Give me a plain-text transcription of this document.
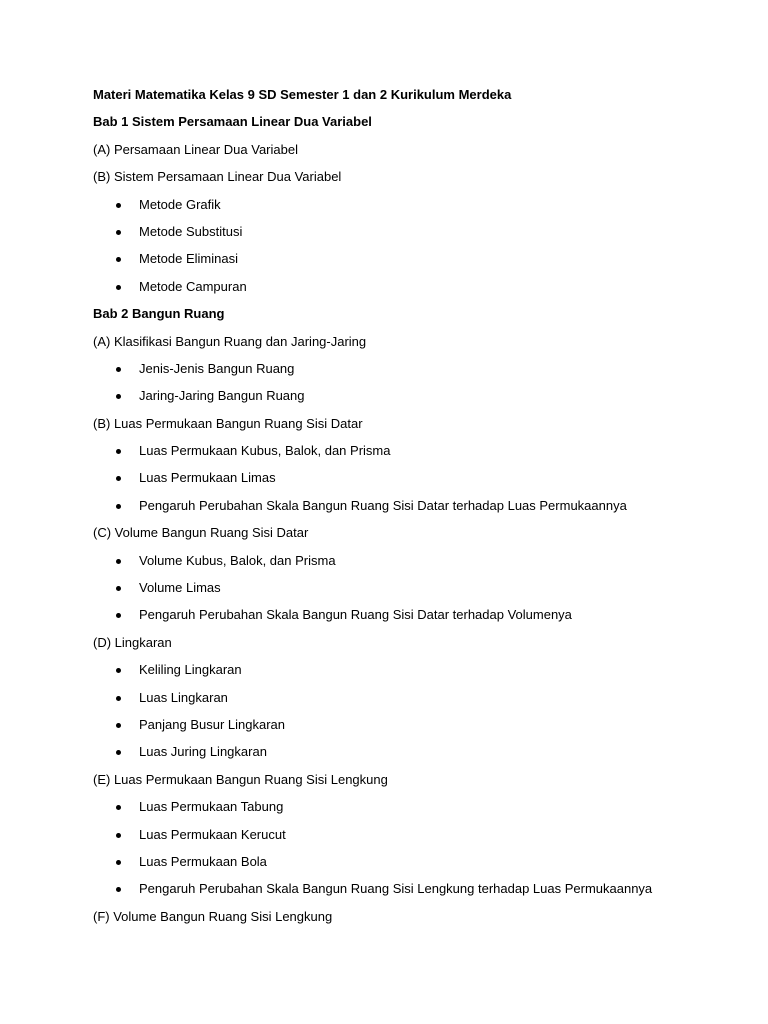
Materi Matematika Kelas 9 SD Semester 1 dan 2 Kurikulum Merdeka
Bab 1 Sistem Persamaan Linear Dua Variabel
(A) Persamaan Linear Dua Variabel
(B) Sistem Persamaan Linear Dua Variabel
Metode Grafik
Metode Substitusi
Metode Eliminasi
Metode Campuran
Bab 2 Bangun Ruang
(A) Klasifikasi Bangun Ruang dan Jaring-Jaring
Jenis-Jenis Bangun Ruang
Jaring-Jaring Bangun Ruang
(B) Luas Permukaan Bangun Ruang Sisi Datar
Luas Permukaan Kubus, Balok, dan Prisma
Luas Permukaan Limas
Pengaruh Perubahan Skala Bangun Ruang Sisi Datar terhadap Luas Permukaannya
(C) Volume Bangun Ruang Sisi Datar
Volume Kubus, Balok, dan Prisma
Volume Limas
Pengaruh Perubahan Skala Bangun Ruang Sisi Datar terhadap Volumenya
(D) Lingkaran
Keliling Lingkaran
Luas Lingkaran
Panjang Busur Lingkaran
Luas Juring Lingkaran
(E) Luas Permukaan Bangun Ruang Sisi Lengkung
Luas Permukaan Tabung
Luas Permukaan Kerucut
Luas Permukaan Bola
Pengaruh Perubahan Skala Bangun Ruang Sisi Lengkung terhadap Luas Permukaannya
(F) Volume Bangun Ruang Sisi Lengkung
